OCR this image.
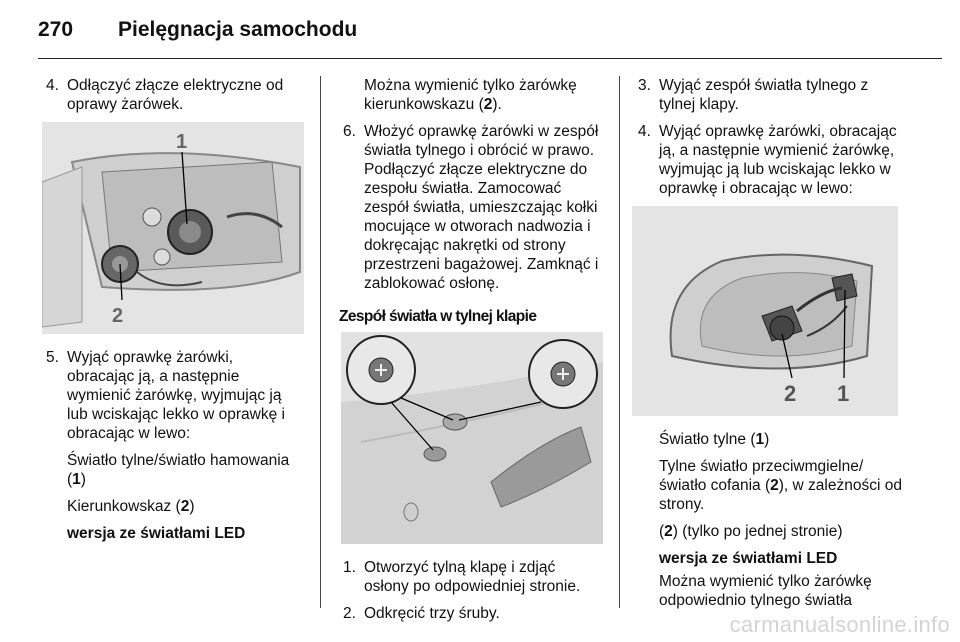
270 Pielęgnacja samochodu
4. Odłączyć złącze elektryczne od oprawy żarówek.
1
2
5. Wyjąć oprawkę żarówki, obracając ją, a następnie wymienić żarówkę, wyjmując ją lub wciskając lekko w oprawkę i obracając w lewo:
Światło tylne/światło hamowania (1)
Kierunkowskaz (2)
wersja ze światłami LED
Można wymienić tylko żarówkę kierunkowskazu (2).
6. Włożyć oprawkę żarówki w zespół światła tylnego i obrócić w prawo. Podłączyć złącze elektryczne do zespołu światła. Zamocować zespół światła, umieszczając kołki mocujące w otworach nadwozia i dokręcając nakrętki od strony przestrzeni bagażowej. Zamknąć i zablokować osłonę.
Zespół światła w tylnej klapie
1. Otworzyć tylną klapę i zdjąć osłony po odpowiedniej stronie.
2. Odkręcić trzy śruby.
3. Wyjąć zespół światła tylnego z tylnej klapy.
4. Wyjąć oprawkę żarówki, obracając ją, a następnie wymienić żarówkę, wyjmując ją lub wciskając lekko w oprawkę i obracając w lewo:
2 1
Światło tylne (1)
Tylne światło przeciwmgielne/ światło cofania (2), w zależności od strony.
(2) (tylko po jednej stronie)
wersja ze światłami LED
Można wymienić tylko żarówkę odpowiednio tylnego światła
carmanualsonline.info
